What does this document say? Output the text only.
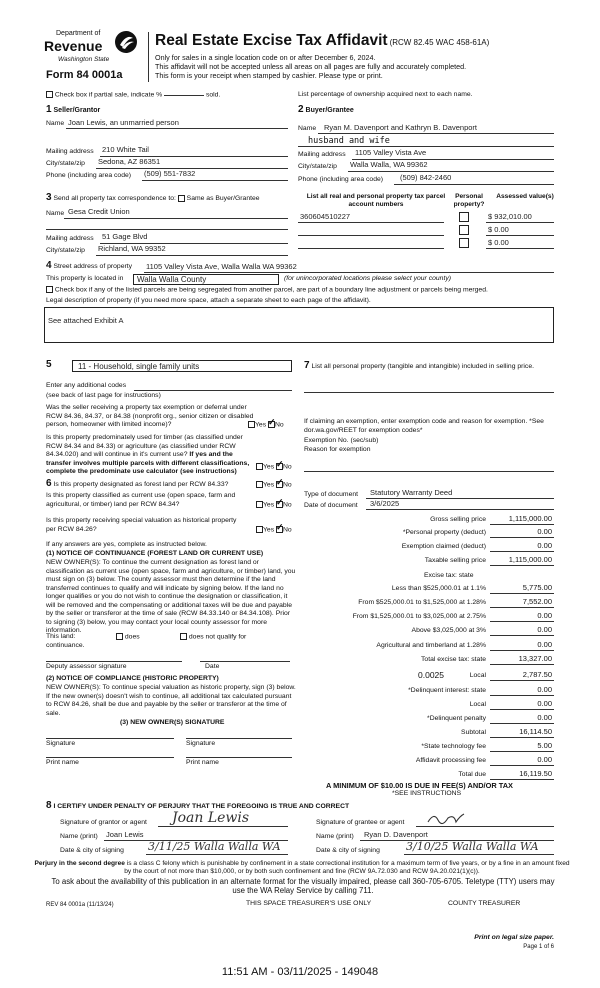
Department of
Revenue
Washington State
Form 84 0001a
Real Estate Excise Tax Affidavit (RCW 82.45 WAC 458-61A)
Only for sales in a single location code on or after December 6, 2024.
This affidavit will not be accepted unless all areas on all pages are fully and accurately completed.
This form is your receipt when stamped by cashier. Please type or print.
Check box if partial sale, indicate %	sold.	List percentage of ownership acquired next to each name.
1 Seller/Grantor
Name Joan Lewis, an unmarried person
Mailing address 210 White Tail
City/state/zip Sedona, AZ 86351
Phone (including area code) (509) 551-7832
2 Buyer/Grantee
Name Ryan M. Davenport and Kathryn B. Davenport
husband and wife
Mailing address 1105 Valley Vista Ave
City/state/zip Walla Walla, WA 99362
Phone (including area code) (509) 842-2460
3 Send all property tax correspondence to: Same as Buyer/Grantee
Name Gesa Credit Union
Mailing address 51 Gage Blvd
City/state/zip Richland, WA 99352
List all real and personal property tax parcel account numbers
Personal property?
Assessed value(s)
360604510227	$ 932,010.00
$ 0.00
$ 0.00
4 Street address of property 1105 Valley Vista Ave, Walla Walla WA 99362
This property is located in Walla Walla County	(for unincorporated locations please select your county)
Check box if any of the listed parcels are being segregated from another parcel, are part of a boundary line adjustment or parcels being merged.
Legal description of property (if you need more space, attach a separate sheet to each page of the affidavit).
See attached Exhibit A
5	11 - Household, single family units
Enter any additional codes
(see back of last page for instructions)
Was the seller receiving a property tax exemption or deferral under RCW 84.36, 84.37, or 84.38 (nonprofit org., senior citizen or disabled person, homeowner with limited income)?	Yes ✓ No
Is this property predominately used for timber (as classified under RCW 84.34 and 84.33) or agriculture (as classified under RCW 84.34.020) and will continue in it's current use? If yes and the transfer involves multiple parcels with different classifications, complete the predominate use calculator (see instructions)
Yes ✓ No
6 Is this property designated as forest land per RCW 84.33?	Yes ✓ No
Is this property classified as current use (open space, farm and agricultural, or timber) land per RCW 84.34?	Yes ✓ No
Is this property receiving special valuation as historical property per RCW 84.26?	Yes ✓ No
If any answers are yes, complete as instructed below.
(1) NOTICE OF CONTINUANCE (FOREST LAND OR CURRENT USE)
NEW OWNER(S): To continue the current designation as forest land or classification as current use (open space, farm and agriculture, or timber) land, you must sign on (3) below. The county assessor must then determine if the land transferred continues to qualify and will indicate by signing below. If the land no longer qualifies or you do not wish to continue the designation or classification, it will be removed and the compensating or additional taxes will be due and payable by the seller or transferor at the time of sale (RCW 84.33.140 or 84.34.108). Prior to signing (3) below, you may contact your local county assessor for more information.
This land:	does	does not qualify for
continuance.
Deputy assessor signature	Date
(2) NOTICE OF COMPLIANCE (HISTORIC PROPERTY)
NEW OWNER(S): To continue special valuation as historic property, sign (3) below. If the new owner(s) doesn't wish to continue, all additional tax calculated pursuant to RCW 84.26, shall be due and payable by the seller or transferor at the time of sale.
(3) NEW OWNER(S) SIGNATURE
Signature	Signature
Print name	Print name
7 List all personal property (tangible and intangible) included in selling price.
If claiming an exemption, enter exemption code and reason for exemption. *See dor.wa.gov/REET for exemption codes*
Exemption No. (sec/sub)
Reason for exemption
Type of document Statutory Warranty Deed
Date of document 3/6/2025
Gross selling price	1,115,000.00
*Personal property (deduct)	0.00
Exemption claimed (deduct)	0.00
Taxable selling price	1,115,000.00
Excise tax: state
Less than $525,000.01 at 1.1%	5,775.00
From $525,000.01 to $1,525,000 at 1.28%	7,552.00
From $1,525,000.01 to $3,025,000 at 2.75%	0.00
Above $3,025,000 at 3%	0.00
Agricultural and timberland at 1.28%	0.00
Total excise tax: state	13,327.00
0.0025	Local	2,787.50
*Delinquent interest: state	0.00
Local	0.00
*Delinquent penalty	0.00
Subtotal	16,114.50
*State technology fee	5.00
Affidavit processing fee	0.00
Total due	16,119.50
A MINIMUM OF $10.00 IS DUE IN FEE(S) AND/OR TAX
*SEE INSTRUCTIONS
8 I CERTIFY UNDER PENALTY OF PERJURY THAT THE FOREGOING IS TRUE AND CORRECT
Signature of grantor or agent Joan Lewis	Signature of grantee or agent
Name (print) Joan Lewis	Name (print) Ryan D. Davenport
Date & city of signing 3/11/25 Walla Walla WA	Date & city of signing 3/10/25 Walla Walla WA
Perjury in the second degree is a class C felony which is punishable by confinement in a state correctional institution for a maximum term of five years, or by a fine in an amount fixed by the court of not more than $10,000, or by both such confinement and fine (RCW 9A.72.030 and RCW 9A.20.021(1)(c)).
To ask about the availability of this publication in an alternate format for the visually impaired, please call 360-705-6705. Teletype (TTY) users may use the WA Relay Service by calling 711.
REV 84 0001a (11/13/24)	THIS SPACE TREASURER'S USE ONLY	COUNTY TREASURER
Print on legal size paper.
Page 1 of 6
11:51 AM - 03/11/2025 - 149048
